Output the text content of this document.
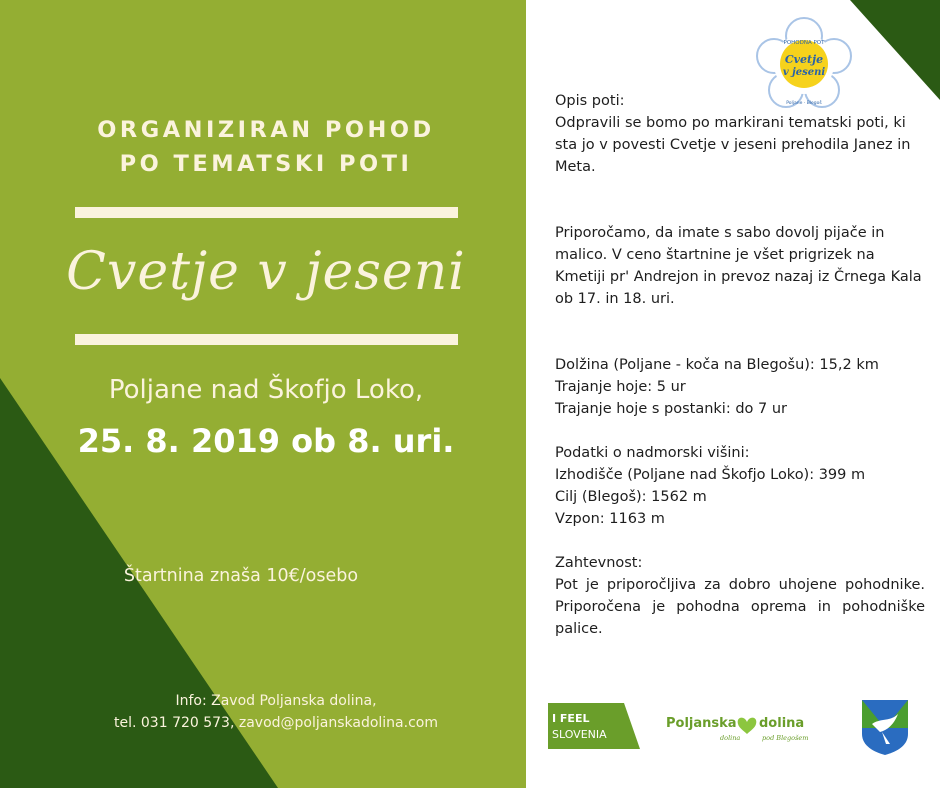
ORGANIZIRAN POHOD
PO TEMATSKI POTI
Cvetje v jeseni
Poljane nad Škofjo Loko,
25. 8. 2019 ob 8. uri.
Štartnina znaša 10€/osebo
Info: Zavod Poljanska dolina,
tel. 031 720 573, zavod@poljanskadolina.com
POHODNA POT
Cvetje
v jeseni
Poljane · Blegoš

Opis poti:

Odpravili se bomo po markirani tematski poti, ki sta jo v povesti Cvetje v jeseni prehodila Janez in Meta.

Priporočamo, da imate s sabo dovolj pijače in malico. V ceno štartnine je všet prigrizek na Kmetiji pr' Andrejon in prevoz nazaj iz Črnega Kala ob 17. in 18. uri.

Dolžina (Poljane - koča na Blegošu): 15,2 km

Trajanje hoje: 5 ur

Trajanje hoje s postanki: do 7 ur

Podatki o nadmorski višini:

Izhodišče (Poljane nad Škofjo Loko): 399 m

Cilj (Blegoš): 1562 m

Vzpon: 1163 m

Zahtevnost:

Pot je priporočljiva za dobro uhojene pohodnike. Priporočena je pohodna oprema in pohodniške palice.

I FEEL
SLOVENIA
Poljanska dolina
dolina	pod Blegošem
